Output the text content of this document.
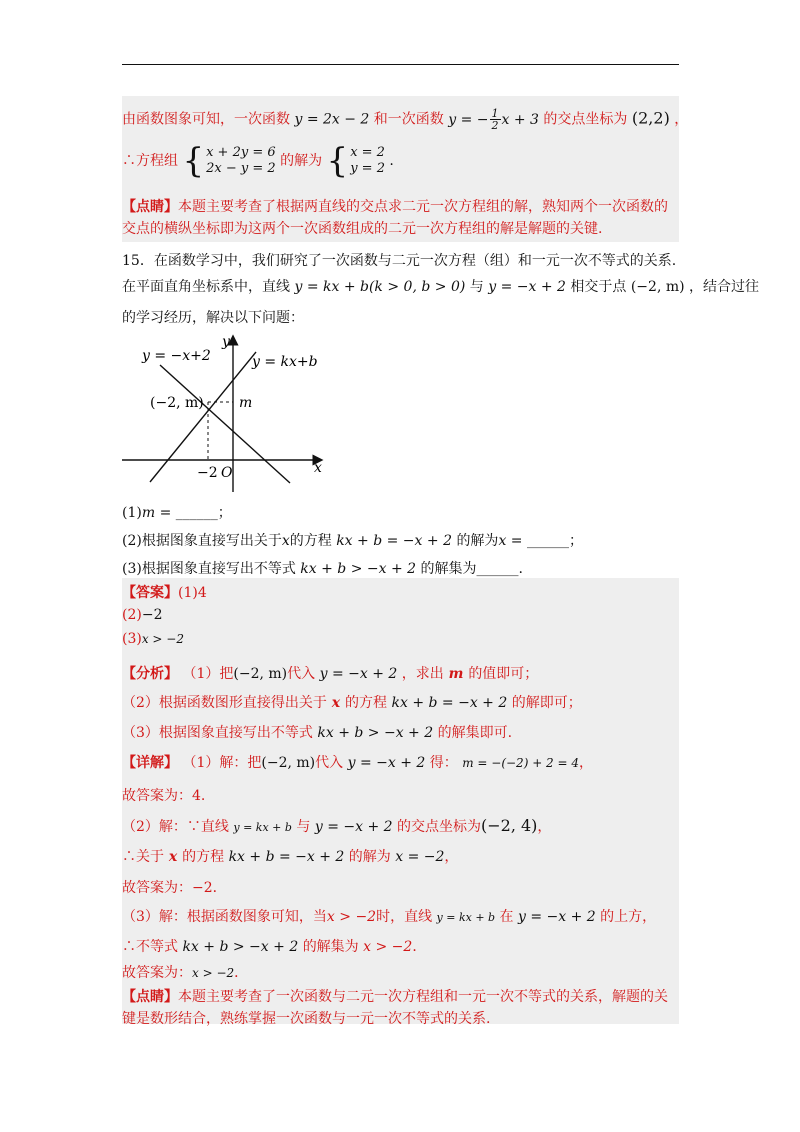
由函数图象可知，一次函数 y = 2x − 2 和一次函数 y = − $\frac{1}{2}$ x + 3 的交点坐标为 (2,2) ，
∴方程组 { x + 2y = 6
2x − y = 2 的解为 { x = 2
y = 2 .
【点睛】本题主要考查了根据两直线的交点求二元一次方程组的解，熟知两个一次函数的交点的横纵坐标即为这两个一次函数组成的二元一次方程组的解是解题的关键.
15．在函数学习中，我们研究了一次函数与二元一次方程（组）和一元一次不等式的关系.
在平面直角坐标系中，直线 y = kx + b(k > 0, b > 0) 与 y = −x + 2 相交于点 (−2, m) ，结合过往
的学习经历，解决以下问题：
y = −x+2	y = kx+b
(−2, m)	m
x
y
O
−2
(1)m = ______；
(2)根据图象直接写出关于x的方程 kx + b = −x + 2 的解为x = ______；
(3)根据图象直接写出不等式 kx + b > −x + 2 的解集为______.
【答案】(1)4
(2)−2
(3)x > −2
【分析】 （1）把(−2, m)代入 y = −x + 2 ，求出 m 的值即可；
（2）根据函数图形直接得出关于 x 的方程 kx + b = −x + 2 的解即可；
（3）根据图象直接写出不等式 kx + b > −x + 2 的解集即可.
【详解】 （1）解：把(−2, m)代入 y = −x + 2 得： m = −(−2) + 2 = 4，
故答案为：4.
（2）解：∵直线 y = kx + b 与 y = −x + 2 的交点坐标为(−2, 4)，
∴关于 x 的方程 kx + b = −x + 2 的解为 x = −2，
故答案为：−2．
（3）解：根据函数图象可知，当x > −2时，直线 y = kx + b 在 y = −x + 2 的上方，
∴不等式 kx + b > −x + 2 的解集为 x > −2．
故答案为：x > −2．
【点睛】本题主要考查了一次函数与二元一次方程组和一元一次不等式的关系，解题的关键是数形结合，熟练掌握一次函数与一元一次不等式的关系.
